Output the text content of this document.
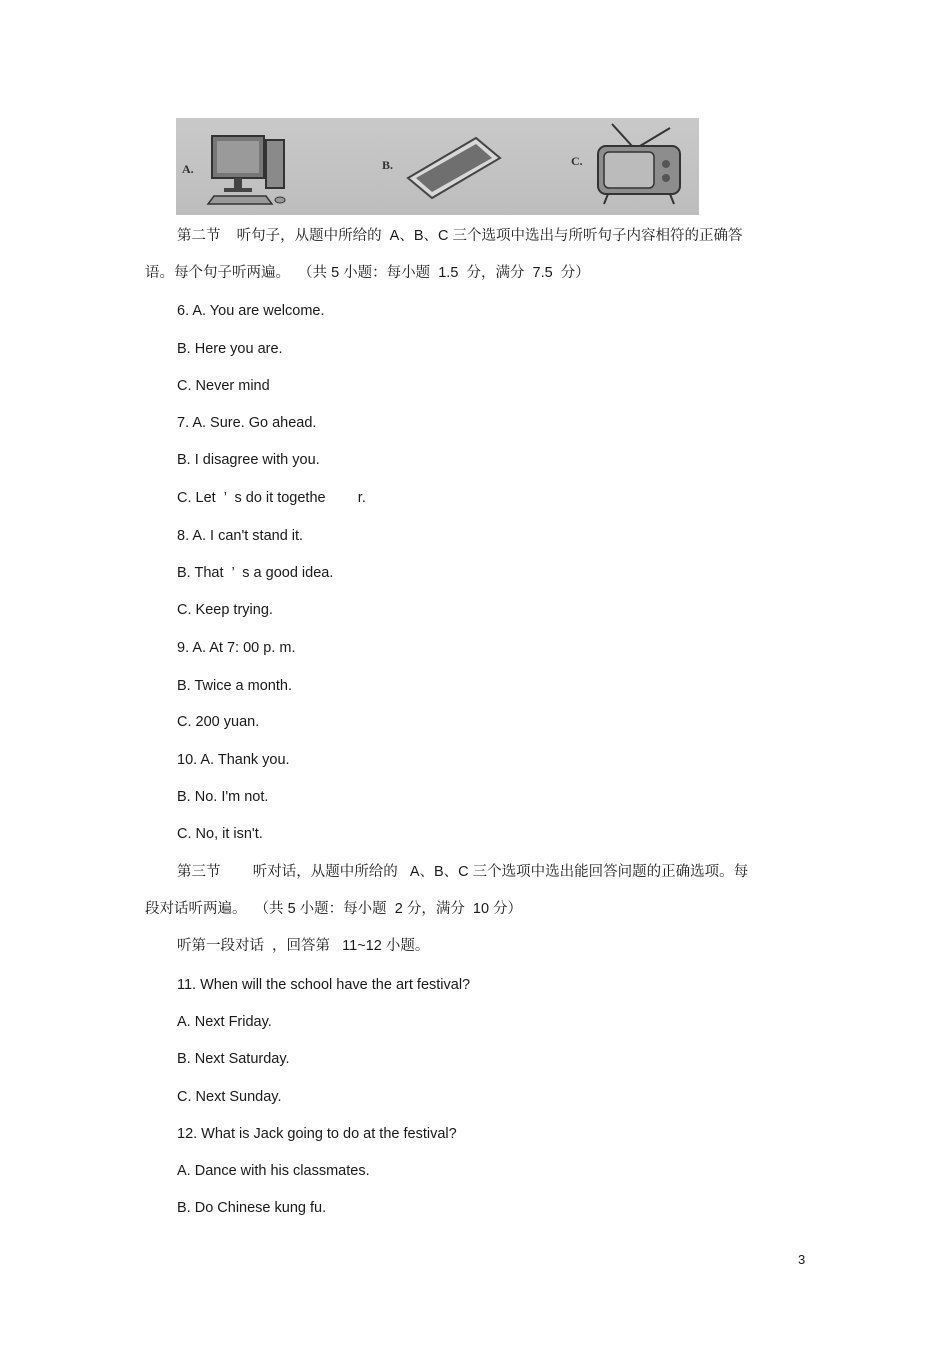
A.	B.	C.
第二节    听句子，从题中所给的  A、B、C 三个选项中选出与所听句子内容相符的正确答
语。每个句子听两遍。  （共 5 小题：每小题  1.5  分，满分  7.5  分）
6. A. You are welcome.
B. Here you are.
C. Never mind
7. A. Sure. Go ahead.
B. I disagree with you.
C. Let  ’  s do it togethe        r.
8. A. I can't stand it.
B. That  ’  s a good idea.
C. Keep trying.
9. A. At 7: 00 p. m.
B. Twice a month.
C. 200 yuan.
10. A. Thank you.
B. No. I'm not.
C. No, it isn't.
第三节        听对话，从题中所给的   A、B、C 三个选项中选出能回答问题的正确选项。每
段对话听两遍。  （共 5 小题：每小题  2 分，满分  10 分）
听第一段对话  ，回答第   11~12 小题。
11. When will the school have the art festival?
A. Next Friday.
B. Next Saturday.
C. Next Sunday.
12. What is Jack going to do at the festival?
A. Dance with his classmates.
B. Do Chinese kung fu.
3
